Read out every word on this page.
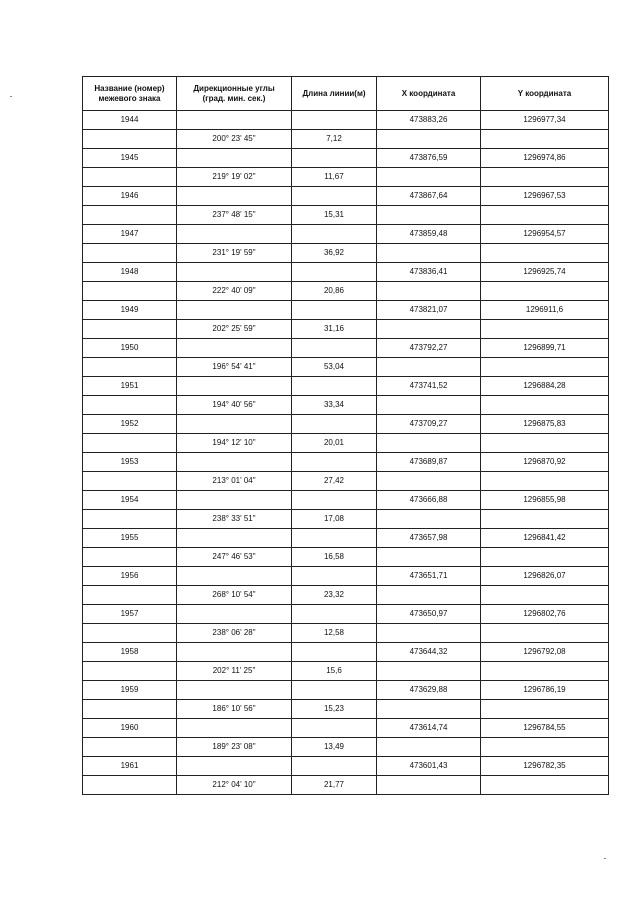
Название (номер)
межевого знака	Дирекционные углы
(град. мин. сек.)	Длина линии(м)	X координата	Y координата
1944			473883,26	1296977,34
	200° 23' 45"	7,12		
1945			473876,59	1296974,86
	219° 19' 02"	11,67		
1946			473867,64	1296967,53
	237° 48' 15"	15,31		
1947			473859,48	1296954,57
	231° 19' 59"	36,92		
1948			473836,41	1296925,74
	222° 40' 09"	20,86		
1949			473821,07	1296911,6
	202° 25' 59"	31,16		
1950			473792,27	1296899,71
	196° 54' 41"	53,04		
1951			473741,52	1296884,28
	194° 40' 56"	33,34		
1952			473709,27	1296875,83
	194° 12' 10"	20,01		
1953			473689,87	1296870,92
	213° 01' 04"	27,42		
1954			473666,88	1296855,98
	238° 33' 51"	17,08		
1955			473657,98	1296841,42
	247° 46' 53"	16,58		
1956			473651,71	1296826,07
	268° 10' 54"	23,32		
1957			473650,97	1296802,76
	238° 06' 28"	12,58		
1958			473644,32	1296792,08
	202° 11' 25"	15,6		
1959			473629,88	1296786,19
	186° 10' 56"	15,23		
1960			473614,74	1296784,55
	189° 23' 08"	13,49		
1961			473601,43	1296782,35
	212° 04' 10"	21,77		
